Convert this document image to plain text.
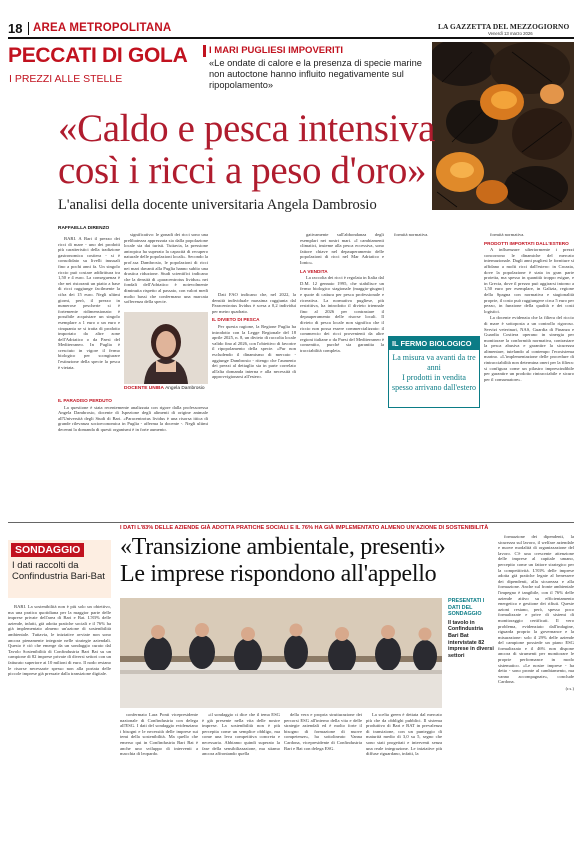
18 AREA METROPOLITANA	LA GAZZETTA DEL MEZZOGIORNO
Venerdì 13 marzo 2026
PECCATI DI GOLA
I PREZZI ALLE STELLE
I MARI PUGLIESI IMPOVERITI
«Le ondate di calore e la presenza di specie marine non autoctone hanno influito negativamente sul ripopolamento»
«Caldo e pesca intensiva
così i ricci a peso d'oro»
L'analisi della docente universitaria Angela Dambrosio
RAFFAELLA DIRENZO

BARI. A Bari il prezzo dei ricci di mare - uno dei prodotti più caratteristici della tradizione gastronomica costiera - si è consolidato su livelli inusuali fino a pochi anni fa. Un singolo riccio può costare addirittura tra 1,50 e 4 euro. La conseguenza è che nei ristoranti un piatto a base di ricci raggiunge facilmente la cifra dei 15 euro. Negli ultimi giorni, però, il prezzo in numerose pescherie si è fortemente ridimensionato: è possibile acquistare un singolo esemplare a 1 euro o un euro e cinquanta se si tratta di prodotto importato da altre zone dell'Adriatico o da Paesi del Mediterraneo. In Puglia è cresciuto in vigore il fermo biologico per scongiurare l'estinzione della specie la pesca è vietata.

IL PARADISO PERDUTO

La questione è stata recentemente analizzata con rigore dalla professoressa Angela Dambrosio, docente di Ispezione degli alimenti di origine animale all'Università degli Studi di Bari. «Paracentrotus lividus è una risorsa ittica di grande rilevanza socioeconomica in Puglia - afferma la docente -. Negli ultimi decenni la domanda di questi organismi è in forte aumento.

DOCENTE UNIBA Angela Dambrosio

significativo: le gonadi dei ricci sono una prelibatezza apprezzata sia dalla popolazione locale sia dai turisti. Tuttavia, la pressione antropica ha superato la capacità di recupero naturale delle popolazioni locali». Secondo la prof.ssa Dambrosio, le popolazioni di ricci nei mari davanti alla Puglia hanno subìto una drastica riduzione. Studi scientifici indicano che la densità di «paracentrotus lividus» nei fondali dell'Adriatico è notevolmente diminuita rispetto al passato, con valori medi molto bassi che confermano una marcata sofferenza della specie.

Dati FAO indicano che, nel 2022, la densità individuale massima raggiunta dal Paracentrotus lividus è scesa a 0,2 individui per metro quadrato.

IL DIVIETO DI PESCA

Per questa ragione, la Regione Puglia ha introdotto con la Legge Regionale del 18 aprile 2025, n. 8, un divieto di raccolta locale valido fino al 2026, con l'obiettivo di favorire il ripopolamento della specie. «Pur non escludendo il dinamismo di mercato - aggiunge Dambrosio - ritengo che l'aumento dei prezzi al dettaglio sia in parte correlato all'alta domanda interna e alla necessità di approvvigionarsi all'estero.

gativamente sull'abbondanza degli esemplari nei nostri mari. «I cambiamenti climatici, insieme alla pesca eccessiva, sono fattore chiave nel depauperamento delle popolazioni di ricci nel Mar Adriatico e Ionio».

LA VENDITA

La raccolta dei ricci è regolata in Italia dal D.M. 12 gennaio 1995, che stabilisce un fermo biologico stagionale (maggio-giugno) e quote di cattura per pesca professionale e ricreativa. La normativa pugliese, più restrittiva, ha introdotto il divieto triennale fino al 2026 per contrastare il depauperamento delle risorse locali. Il divieto di pesca locale non significa che il riccio non possa essere commercializzato: il commercio dei ricci provenienti da altre regioni italiane o da Paesi del Mediterraneo è consentito, purché sia garantita la tracciabilità completa.

formità normativa.

IL FERMO BIOLOGICO
La misura va avanti da tre anni
I prodotti in vendita
spesso arrivano dall'estero

formità normativa.

PRODOTTI IMPORTATI DALL'ESTERO

A influenzare ulteriormente i prezzi concorrono le dinamiche del mercato internazionale. Dagli anni pugliesi le forniture si affidano a molti ricci dall'estero: in Croazia, dove la popolazione è stata in gran parte protetta, ma spesso in quantità troppo esigue, e in Grecia, dove il prezzo può aggirarsi intorno a 1,50 euro per esemplare, in Galizia, regione della Spagna con normativa e stagionalità proprie, il costo può raggiungere circa 5 euro per pezzo, in funzione della qualità e dei costi logistici.

La docente evidenzia che la filiera del riccio di mare è sottoposta a un controllo rigoroso. Servizi veterinari, NAS, Guardia di Finanza e Guardia Costiera operano in sinergia per monitorare la conformità normativa, contrastare la pesca abusiva e garantire la sicurezza alimentare, tutelando al contempo l'ecosistema marino. «L'implementazione delle procedure di rintracciabilità non determina oneri per la filiera: si configura come un pilastro imprescindibile per garantire un prodotto rintracciabile e sicuro per il consumatore».

I DATI L'83% DELLE AZIENDE GIÀ ADOTTA PRATICHE SOCIALI E IL 76% HA GIÀ IMPLEMENTATO ALMENO UN'AZIONE DI SOSTENIBILITÀ
SONDAGGIO
I dati raccolti da Confindustria Bari-Bat
«Transizione ambientale, presenti»
Le imprese rispondono all'appello
PRESENTATI I DATI DEL SONDAGGIO
Il tavolo in Confindustria Bari Bat intervistate 82 imprese in diversi settori

BARI. La sostenibilità non è più solo un obiettivo, ma una pratica quotidiana per la maggior parte delle imprese private dell'area di Bari e Bat. L'83% delle aziende, infatti, già adotta pratiche sociali e il 76% ha già implementato almeno un'azione di sostenibilità ambientale. Tuttavia, le iniziative avviate non sono ancora pienamente integrate nelle strategie aziendali. Questo è ciò che emerge da un sondaggio curato dal Tavolo Sostenibilità di Confindustria Bari Bat su un campione di 82 imprese private di diversi settori con un fatturato superiore ai 10 milioni di euro. Il nodo restano le risorse necessarie spesso non alla portata delle piccole imprese già pressate dalla transizione digitale.

confermato Lara Ponti vicepresidente nazionale di Confindustria con delega all'ESG. I dati del sondaggio evidenziano i bisogni e le necessità delle imprese sui temi della sostenibilità. Ma quello che emerso qui in Confindustria Bari Bat è anche uno sviluppo di interventi a macchia di leopardo.

«il sondaggio ci dice che il tema ESG è già presente nella vita delle nostre imprese. La sostenibilità non è più percepita come un semplice obbligo, ma come una leva competitiva concreta e necessaria. Abbiamo quindi superato la fase della sensibilizzazione, ma stiamo ancora affrontando quella

della vera e propria strutturazione dei percorsi ESG all'interno della vita e delle strategie aziendali ed è molto forte il bisogno di formazione di nuove competenze», ha sottolineato Vanna Cardona, vicepresidente di Confindustria Bari e Bat con delega ESG.

La scelta green è dettata dal mercato più che da obblighi pubblici. Il sistema produttivo di Bari e BAT in prevalenza di transizione, con un punteggio di maturità medio di 3,0 su 5, segno che sono stati progettati e interventi senza una reale integrazione. Le iniziative più diffuse riguardano, infatti, la

formazione dei dipendenti, la sicurezza sul lavoro, il welfare aziendale e nuove modalità di organizzazione del lavoro. C'è una crescente attenzione delle imprese al capitale umano, percepito come un fattore strategico per la competitività. L'83% delle imprese adotta già pratiche legate al benessere dei dipendenti, alla sicurezza e alla formazione. Anche sul fronte ambientale l'impegno è tangibile, con il 76% delle aziende attivo su efficientamento energetico e gestione dei rifiuti. Queste azioni restano, però, spesso poco formalizzate e prive di sistemi di monitoraggio certificati. Il vero problema, evidenziato dall'indagine, riguarda proprio la governance e la misurazione: solo il 29% delle aziende del campione possiede un piano ESG formalizzato e il 46% non dispone ancora di strumenti per monitorare le proprie performance in modo sistematico. «Le nostre imprese - ha detto - sono pronte al cambiamento, ma vanno accompagnate», conclude Cardona.

(r.s.)
